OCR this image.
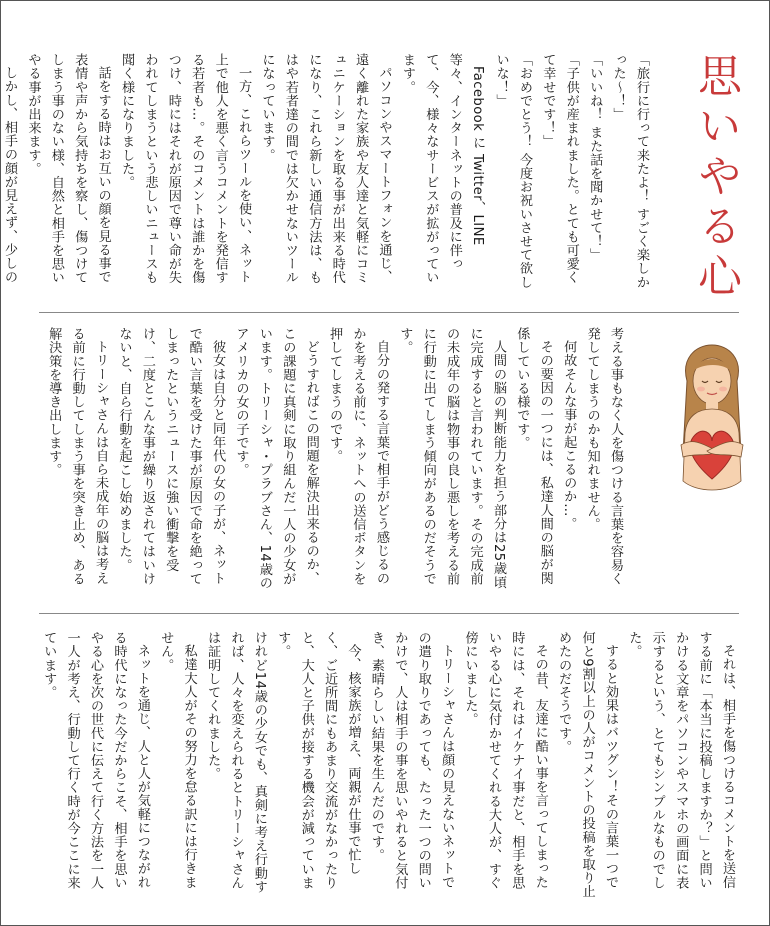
思いやる心

「旅行に行って来たよ！ すごく楽しかった～！」

「いいね！ また話を聞かせて！」

「子供が産まれました。とても可愛くて幸せです！」

「おめでとう！ 今度お祝いさせて欲しいな！」

Facebook に Twitter、LINE 等々、インターネットの普及に伴って、今、様々なサービスが拡がっています。

パソコンやスマートフォンを通じ、遠く離れた家族や友人達と気軽にコミュニケーションを取る事が出来る時代になり、これら新しい通信方法は、もはや若者達の間では欠かせないツールになっています。

一方、これらツールを使い、ネット上で他人を悪く言うコメントを発信する若者も…。そのコメントは誰かを傷つけ、時にはそれが原因で尊い命が失われてしまうという悲しいニュースも聞く様になりました。

話をする時はお互いの顔を見る事で表情や声から気持ちを察し、傷つけてしまう事のない様、自然と相手を思いやる事が出来ます。

しかし、相手の顔が見えず、少しの

考える事もなく人を傷つける言葉を容易く発してしまうのかも知れません。

何故そんな事が起こるのか…。

その要因の一つには、私達人間の脳が関係している様です。

人間の脳の判断能力を担う部分は25歳頃に完成すると言われています。その完成前の未成年の脳は物事の良し悪しを考える前に行動に出てしまう傾向があるのだそうです。

自分の発する言葉で相手がどう感じるのかを考える前に、ネットへの送信ボタンを押してしまうのです。

どうすればこの問題を解決出来るのか、この課題に真剣に取り組んだ一人の少女がいます。トリーシャ・プラブさん、14歳のアメリカの女の子です。

彼女は自分と同年代の女の子が、ネットで酷い言葉を受けた事が原因で命を絶ってしまったというニュースに強い衝撃を受け、二度とこんな事が繰り返されてはいけないと、自ら行動を起こし始めました。

トリーシャさんは自ら未成年の脳は考える前に行動してしまう事を突き止め、ある解決策を導き出します。

それは、相手を傷つけるコメントを送信する前に「本当に投稿しますか？」と問いかける文章をパソコンやスマホの画面に表示するという、とてもシンプルなものでした。

すると効果はバツグン！その言葉一つで何と9割以上の人がコメントの投稿を取り止めたのだそうです。

その昔、友達に酷い事を言ってしまった時には、それはイケナイ事だと、相手を思いやる心に気付かせてくれる大人が、すぐ傍にいました。

トリーシャさんは顔の見えないネットでの遣り取りであっても、たった一つの問いかけで、人は相手の事を思いやれると気付き、素晴らしい結果を生んだのです。

今、核家族が増え、両親が仕事で忙しく、ご近所間にもあまり交流がなかったりと、大人と子供が接する機会が減っています。

けれど14歳の少女でも、真剣に考え行動すれば、人々を変えられるとトリーシャさんは証明してくれました。

私達大人がその努力を怠る訳には行きません。

ネットを通じ、人と人が気軽につながれる時代になった今だからこそ、相手を思いやる心を次の世代に伝えて行く方法を一人一人が考え、行動して行く時が今ここに来ています。
